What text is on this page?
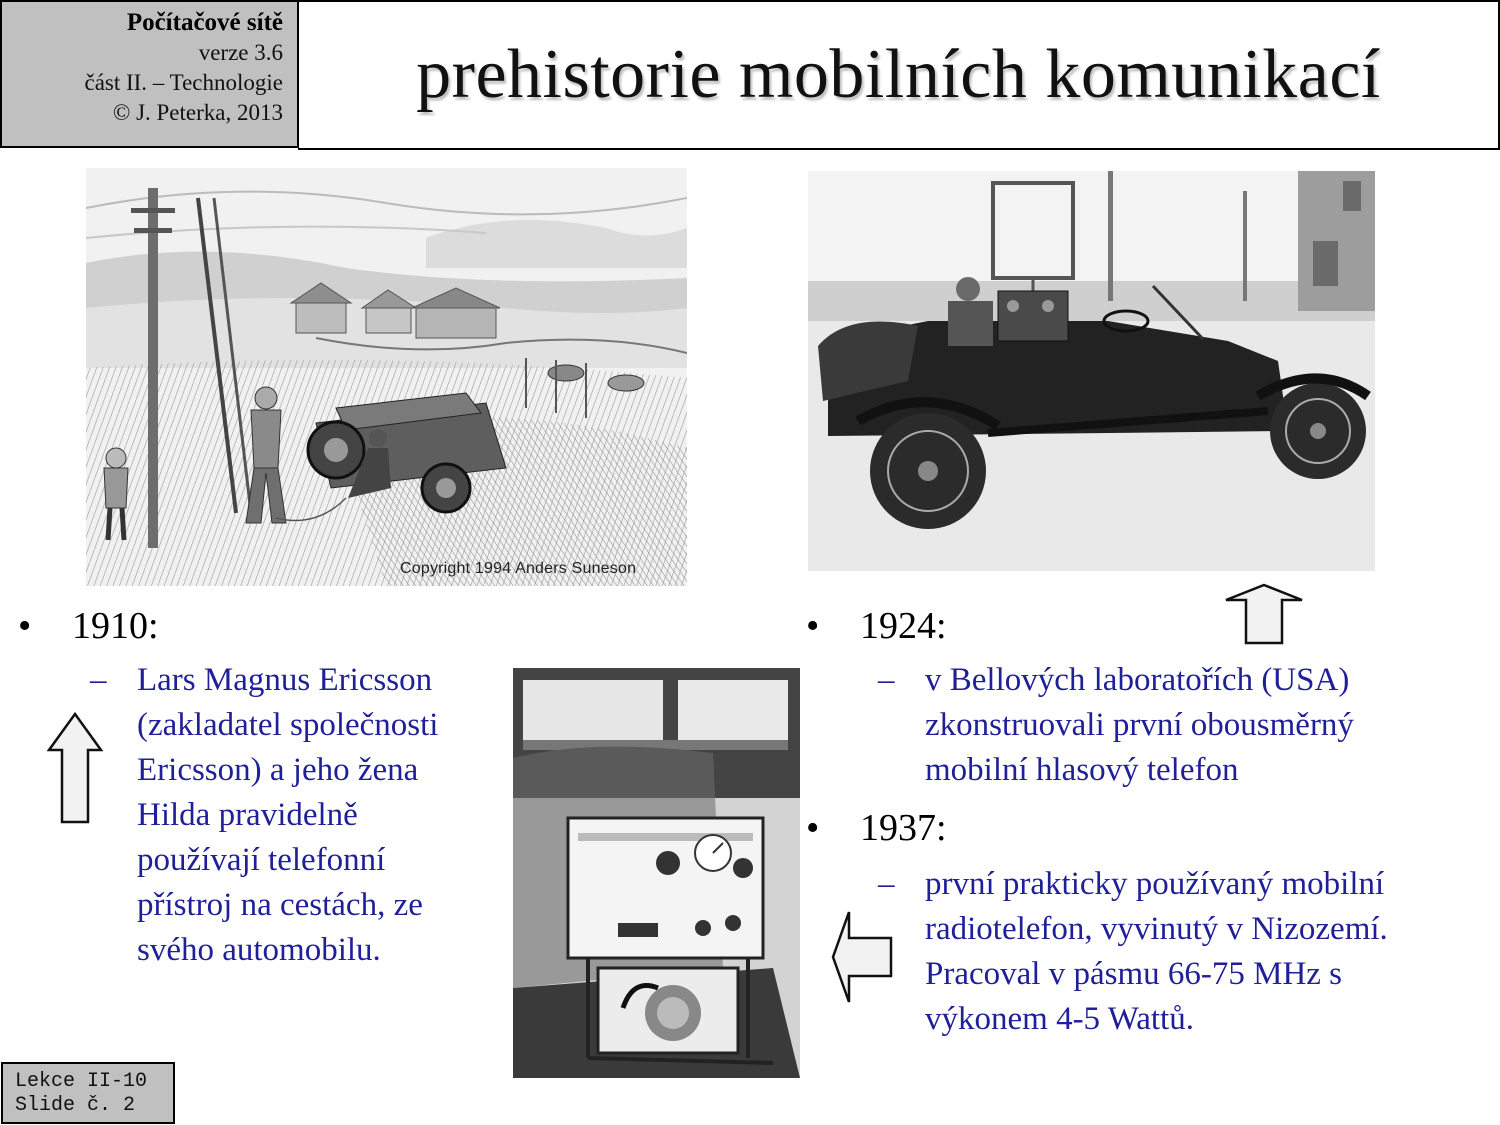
Počítačové sítě
verze 3.6
část II. – Technologie
© J. Peterka, 2013 prehistorie mobilních komunikací
Copyright 1994 Anders Suneson
• 1910:
– Lars Magnus Ericsson
(zakladatel společnosti
Ericsson) a jeho žena
Hilda pravidelně
používají telefonní
přístroj na cestách, ze
svého automobilu.
• 1924:
– v Bellových laboratořích (USA)
zkonstruovali první obousměrný
mobilní hlasový telefon
• 1937:
– první prakticky používaný mobilní
radiotelefon, vyvinutý v Nizozemí.
Pracoval v pásmu 66-75 MHz s
výkonem 4-5 Wattů.
Lekce II-10
Slide č. 2
